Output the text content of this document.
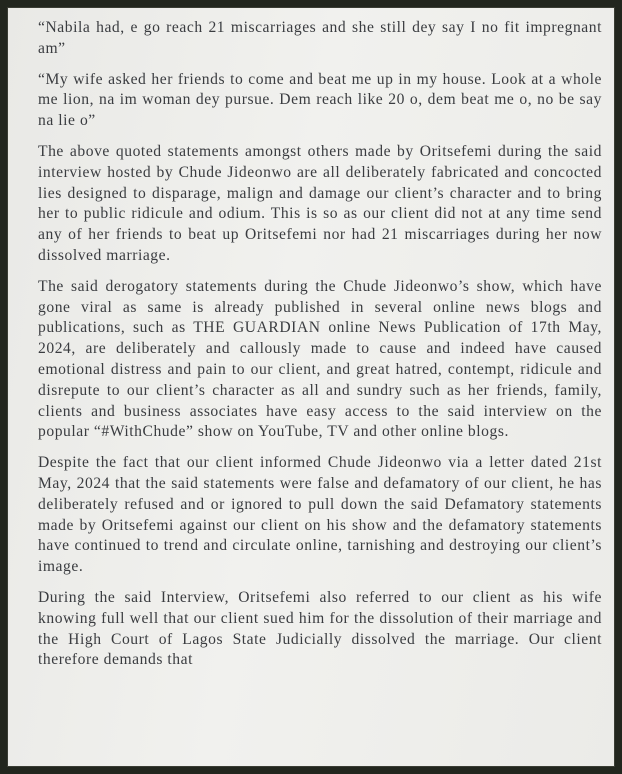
“Nabila had, e go reach 21 miscarriages and she still dey say I no fit impregnant am”

“My wife asked her friends to come and beat me up in my house. Look at a whole me lion, na im woman dey pursue. Dem reach like 20 o, dem beat me o, no be say na lie o”

The above quoted statements amongst others made by Oritsefemi during the said interview hosted by Chude Jideonwo are all deliberately fabricated and concocted lies designed to disparage, malign and damage our client’s character and to bring her to public ridicule and odium. This is so as our client did not at any time send any of her friends to beat up Oritsefemi nor had 21 miscarriages during her now dissolved marriage.

The said derogatory statements during the Chude Jideonwo’s show, which have gone viral as same is already published in several online news blogs and publications, such as THE GUARDIAN online News Publication of 17th May, 2024, are deliberately and callously made to cause and indeed have caused emotional distress and pain to our client, and great hatred, contempt, ridicule and disrepute to our client’s character as all and sundry such as her friends, family, clients and business associates have easy access to the said interview on the popular “#WithChude” show on YouTube, TV and other online blogs.

Despite the fact that our client informed Chude Jideonwo via a letter dated 21st May, 2024 that the said statements were false and defamatory of our client, he has deliberately refused and or ignored to pull down the said Defamatory statements made by Oritsefemi against our client on his show and the defamatory statements have continued to trend and circulate online, tarnishing and destroying our client’s image.

During the said Interview, Oritsefemi also referred to our client as his wife knowing full well that our client sued him for the dissolution of their marriage and the High Court of Lagos State Judicially dissolved the marriage. Our client therefore demands that
